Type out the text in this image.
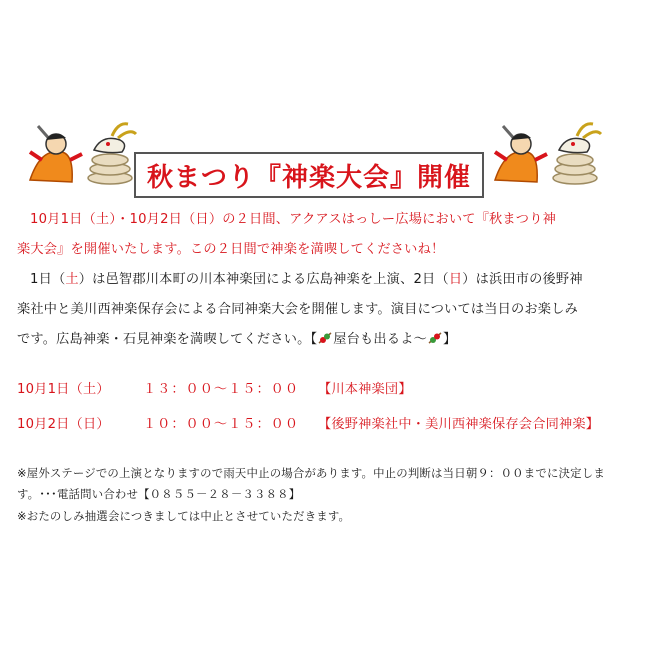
秋まつり『神楽大会』開催
10月1日（土）・10月2日（日）の２日間、アクアスはっしー広場において『秋まつり神
楽大会』を開催いたします。この２日間で神楽を満喫してくださいね！
1日（土）は邑智郡川本町の川本神楽団による広島神楽を上演、2日（日）は浜田市の後野神
楽社中と美川西神楽保存会による合同神楽大会を開催します。演目については当日のお楽しみ
です。広島神楽・石見神楽を満喫してください。【 屋台も出るよ～ 】
10月1日（土）	１３：００～１５：００ 【川本神楽団】
10月2日（日）	１０：００～１５：００ 【後野神楽社中・美川西神楽保存会合同神楽】
※屋外ステージでの上演となりますので雨天中止の場合があります。中止の判断は当日朝９：００までに決定しま
す。･･･電話問い合わせ【０８５５－２８－３３８８】
※おたのしみ抽選会につきましては中止とさせていただきます。
